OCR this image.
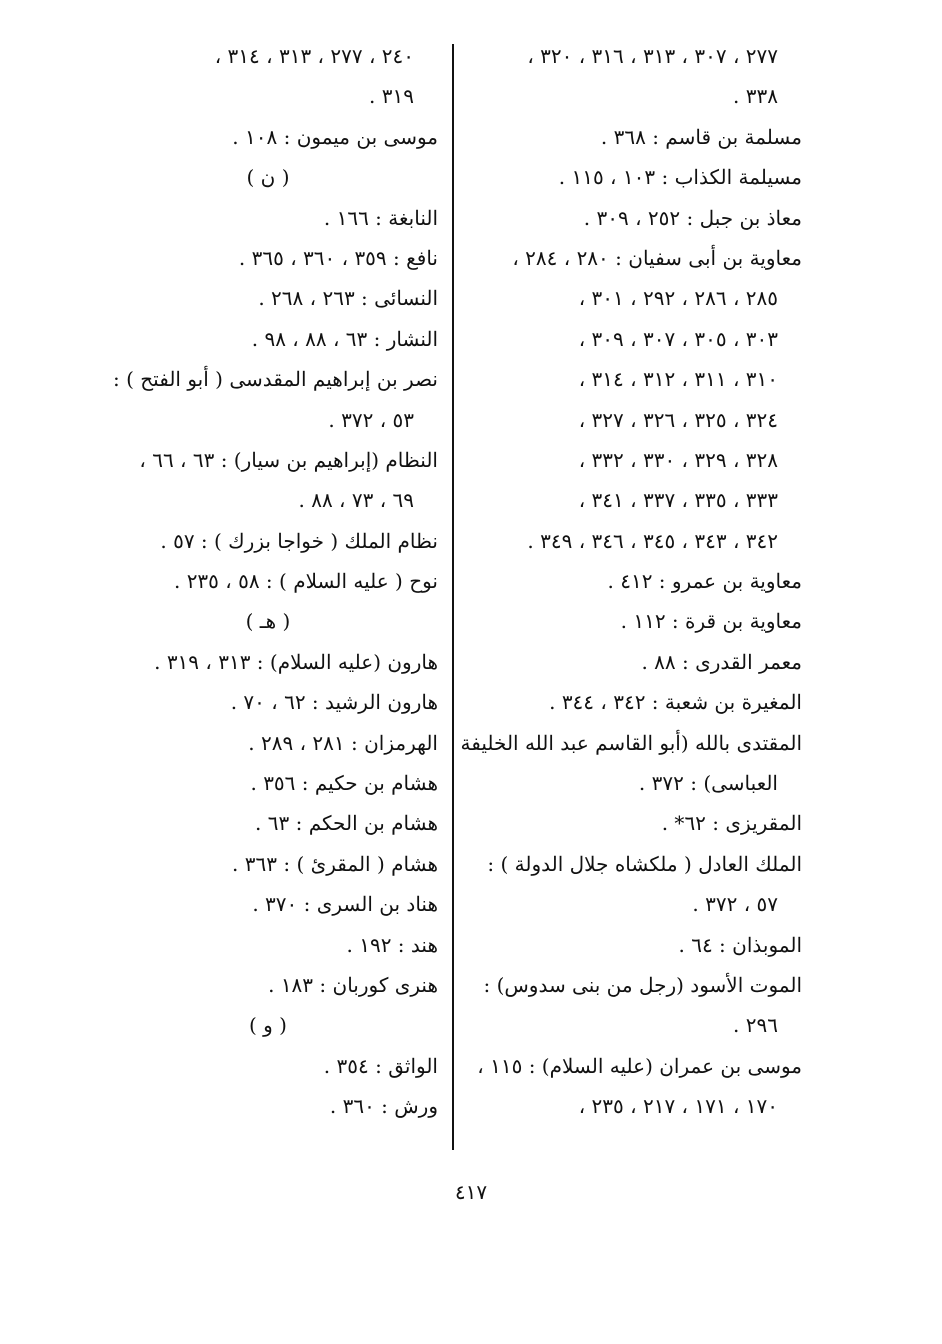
٢٧٧ ، ٣٠٧ ، ٣١٣ ، ٣١٦ ، ٣٢٠ ،
٣٣٨ .
مسلمة بن قاسم : ٣٦٨ .
مسيلمة الكذاب : ١٠٣ ، ١١٥ .
معاذ بن جبل : ٢٥٢ ، ٣٠٩ .
معاوية بن أبى سفيان : ٢٨٠ ، ٢٨٤ ،
٢٨٥ ، ٢٨٦ ، ٢٩٢ ، ٣٠١ ،
٣٠٣ ، ٣٠٥ ، ٣٠٧ ، ٣٠٩ ،
٣١٠ ، ٣١١ ، ٣١٢ ، ٣١٤ ،
٣٢٤ ، ٣٢٥ ، ٣٢٦ ، ٣٢٧ ،
٣٢٨ ، ٣٢٩ ، ٣٣٠ ، ٣٣٢ ،
٣٣٣ ، ٣٣٥ ، ٣٣٧ ، ٣٤١ ،
٣٤٢ ، ٣٤٣ ، ٣٤٥ ، ٣٤٦ ، ٣٤٩ .
معاوية بن عمرو : ٤١٢ .
معاوية بن قرة : ١١٢ .
معمر القدرى : ٨٨ .
المغيرة بن شعبة : ٣٤٢ ، ٣٤٤ .
المقتدى بالله (أبو القاسم عبد الله الخليفة
العباسى) : ٣٧٢ .
المقريزى : ٦٢* .
الملك العادل ( ملكشاه جلال الدولة ) :
٥٧ ، ٣٧٢ .
الموبذان : ٦٤ .
الموت الأسود (رجل من بنى سدوس) :
٢٩٦ .
موسى بن عمران (عليه السلام) : ١١٥ ،
١٧٠ ، ١٧١ ، ٢١٧ ، ٢٣٥ ،
٢٤٠ ، ٢٧٧ ، ٣١٣ ، ٣١٤ ،
٣١٩ .
موسى بن ميمون : ١٠٨ .
( ن )
النابغة : ١٦٦ .
نافع : ٣٥٩ ، ٣٦٠ ، ٣٦٥ .
النسائى : ٢٦٣ ، ٢٦٨ .
النشار : ٦٣ ، ٨٨ ، ٩٨ .
نصر بن إبراهيم المقدسى ( أبو الفتح ) :
٥٣ ، ٣٧٢ .
النظام (إبراهيم بن سيار) : ٦٣ ، ٦٦ ،
٦٩ ، ٧٣ ، ٨٨ .
نظام الملك ( خواجا بزرك ) : ٥٧ .
نوح ( عليه السلام ) : ٥٨ ، ٢٣٥ .
( هـ )
هارون (عليه السلام) : ٣١٣ ، ٣١٩ .
هارون الرشيد : ٦٢ ، ٧٠ .
الهرمزان : ٢٨١ ، ٢٨٩ .
هشام بن حكيم : ٣٥٦ .
هشام بن الحكم : ٦٣ .
هشام ( المقرئ ) : ٣٦٣ .
هناد بن السرى : ٣٧٠ .
هند : ١٩٢ .
هنرى كوربان : ١٨٣ .
( و )
الواثق : ٣٥٤ .
ورش : ٣٦٠ .
٤١٧
